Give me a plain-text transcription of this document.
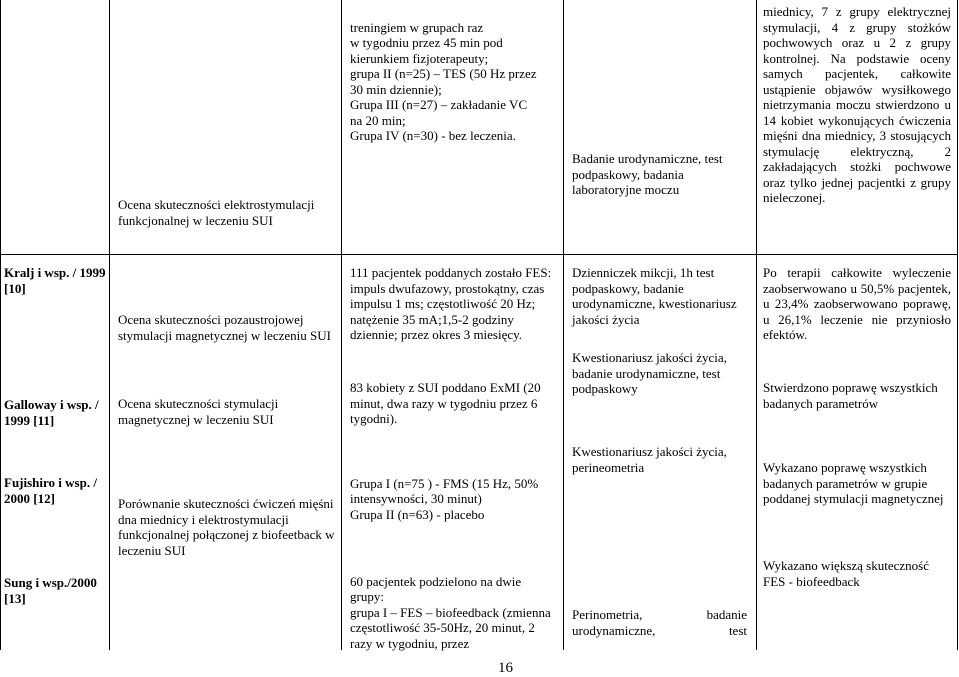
Ocena skuteczności elektrostymulacji funkcjonalnej w leczeniu SUI

treningiem w grupach raz
w tygodniu przez 45 min pod
kierunkiem fizjoterapeuty;
grupa II (n=25) – TES (50 Hz przez
30 min dziennie);
Grupa III (n=27) – zakładanie VC
na 20 min;
Grupa IV (n=30) - bez leczenia.

Badanie urodynamiczne, test podpaskowy, badania laboratoryjne moczu
miednicy, 7 z grupy elektrycznej stymulacji, 4 z grupy stożków pochwowych oraz u 2 z grupy kontrolnej. Na podstawie oceny samych pacjentek, całkowite ustąpienie objawów wysiłkowego nietrzymania moczu stwierdzono u 14 kobiet wykonujących ćwiczenia mięśni dna miednicy, 3 stosujących stymulację elektryczną, 2 zakładających stożki pochwowe oraz tylko jednej pacjentki z grupy nieleczonej.
Kralj i wsp. / 1999 [10]
Galloway i wsp. / 1999 [11]
Fujishiro i wsp. / 2000 [12]
Sung i wsp./2000 [13]
Ocena skuteczności pozaustrojowej stymulacji magnetycznej w leczeniu SUI
Ocena skuteczności stymulacji magnetycznej w leczeniu SUI
Porównanie skuteczności ćwiczeń mięśni dna miednicy i elektrostymulacji funkcjonalnej połączonej z biofeetback w leczeniu SUI
111 pacjentek poddanych zostało FES: impuls dwufazowy, prostokątny, czas impulsu 1 ms; częstotliwość 20 Hz; natężenie 35 mA;1,5-2 godziny dziennie; przez okres 3 miesięcy.
83 kobiety z SUI poddano ExMI (20 minut, dwa razy w tygodniu przez 6 tygodni).

Grupa I (n=75 ) - FMS (15 Hz, 50% intensywności, 30 minut)
Grupa II (n=63) - placebo

60 pacjentek podzielono na dwie grupy:
grupa I – FES – biofeedback (zmienna częstotliwość 35-50Hz, 20 minut, 2 razy w tygodniu, przez

Dzienniczek mikcji, 1h test podpaskowy, badanie urodynamiczne, kwestionariusz jakości życia
Kwestionariusz jakości życia, badanie urodynamiczne, test podpaskowy
Kwestionariusz jakości życia, perineometria
Perinometria, badanie urodynamiczne, test
Po terapii całkowite wyleczenie zaobserwowano u 50,5% pacjentek, u 23,4% zaobserwowano poprawę, u 26,1% leczenie nie przyniosło efektów.
Stwierdzono poprawę wszystkich badanych parametrów
Wykazano poprawę wszystkich badanych parametrów w grupie poddanej stymulacji magnetycznej
Wykazano większą skuteczność FES - biofeedback
16
